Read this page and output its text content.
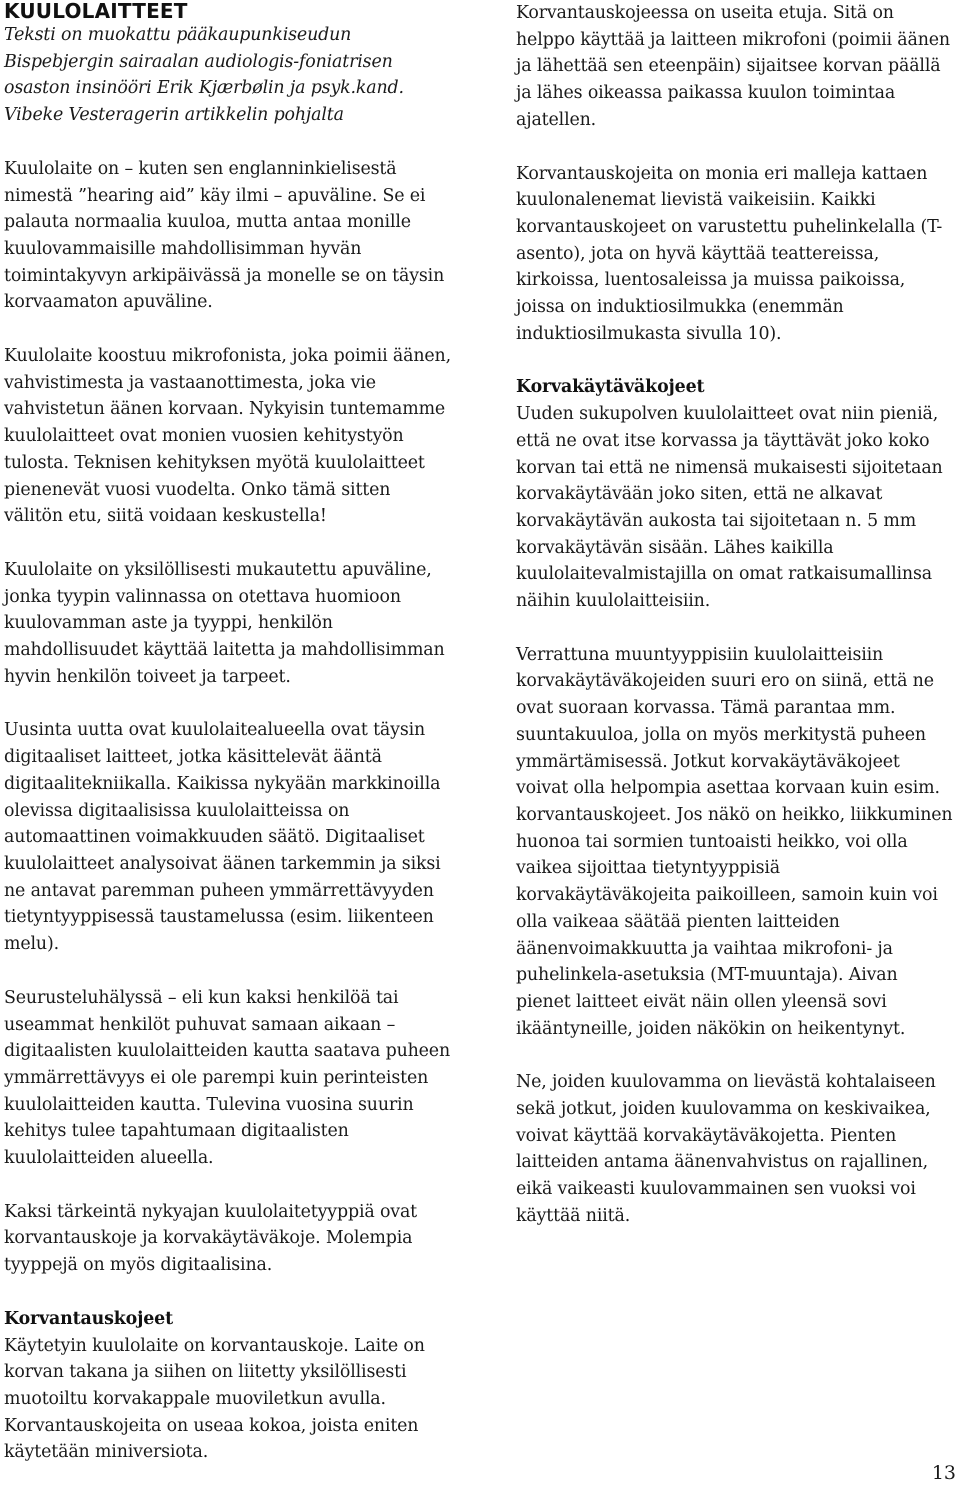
KUULOLAITTEET

Teksti on muokattu pääkaupunkiseudun Bispebjergin sairaalan audiologis-foniatrisen osaston insinööri Erik Kjærbølin ja psyk.kand. Vibeke Vesteragerin artikkelin pohjalta

Kuulolaite on – kuten sen englanninkielisestä nimestä ”hearing aid” käy ilmi – apuväline. Se ei palauta normaalia kuuloa, mutta antaa monille kuulovammaisille mahdollisimman hyvän toimintakyvyn arkipäivässä ja monelle se on täysin korvaamaton apuväline.

Kuulolaite koostuu mikrofonista, joka poimii äänen, vahvistimesta ja vastaanottimesta, joka vie vahvistetun äänen korvaan. Nykyisin tuntemamme kuulolaitteet ovat monien vuosien kehitystyön tulosta. Teknisen kehityksen myötä kuulolaitteet pienenevät vuosi vuodelta. Onko tämä sitten välitön etu, siitä voidaan keskustella!

Kuulolaite on yksilöllisesti mukautettu apuväline, jonka tyypin valinnassa on otettava huomioon kuulovamman aste ja tyyppi, henkilön mahdollisuudet käyttää laitetta ja mahdollisimman hyvin henkilön toiveet ja tarpeet.

Uusinta uutta ovat kuulolaitealueella ovat täysin digitaaliset laitteet, jotka käsittelevät ääntä digitaalitekniikalla. Kaikissa nykyään markkinoilla olevissa digitaalisissa kuulolaitteissa on automaattinen voimakkuuden säätö. Digitaaliset kuulolaitteet analysoivat äänen tarkemmin ja siksi ne antavat paremman puheen ymmärrettävyyden tietyntyyppisessä taustamelussa (esim. liikenteen melu).

Seurusteluhälyssä – eli kun kaksi henkilöä tai useammat henkilöt puhuvat samaan aikaan – digitaalisten kuulolaitteiden kautta saatava puheen ymmärrettävyys ei ole parempi kuin perinteisten kuulolaitteiden kautta. Tulevina vuosina suurin kehitys tulee tapahtumaan digitaalisten kuulolaitteiden alueella.

Kaksi tärkeintä nykyajan kuulolaitetyyppiä ovat korvantauskoje ja korvakäytäväkoje. Molempia tyyppejä on myös digitaalisina.

Korvantauskojeet
Käytetyin kuulolaite on korvantauskoje. Laite on korvan takana ja siihen on liitetty yksilöllisesti muotoiltu korvakappale muoviletkun avulla. Korvantauskojeita on useaa kokoa, joista eniten käytetään miniversiota.

Korvantauskojeessa on useita etuja. Sitä on helppo käyttää ja laitteen mikrofoni (poimii äänen ja lähettää sen eteenpäin) sijaitsee korvan päällä ja lähes oikeassa paikassa kuulon toimintaa ajatellen.

Korvantauskojeita on monia eri malleja kattaen kuulonalenemat lievistä vaikeisiin. Kaikki korvantauskojeet on varustettu puhelinkelalla (T-asento), jota on hyvä käyttää teattereissa, kirkoissa, luentosaleissa ja muissa paikoissa, joissa on induktiosilmukka (enemmän induktiosilmukasta sivulla 10).

Korvakäytäväkojeet
Uuden sukupolven kuulolaitteet ovat niin pieniä, että ne ovat itse korvassa ja täyttävät joko koko korvan tai että ne nimensä mukaisesti sijoitetaan korvakäytävään joko siten, että ne alkavat korvakäytävän aukosta tai sijoitetaan n. 5 mm korvakäytävän sisään. Lähes kaikilla kuulolaitevalmistajilla on omat ratkaisumallinsa näihin kuulolaitteisiin.

Verrattuna muuntyyppisiin kuulolaitteisiin korvakäytäväkojeiden suuri ero on siinä, että ne ovat suoraan korvassa. Tämä parantaa mm. suuntakuuloa, jolla on myös merkitystä puheen ymmärtämisessä. Jotkut korvakäytäväkojeet voivat olla helpompia asettaa korvaan kuin esim. korvantauskojeet. Jos näkö on heikko, liikkuminen huonoa tai sormien tuntoaisti heikko, voi olla vaikea sijoittaa tietyntyyppisiä korvakäytäväkojeita paikoilleen, samoin kuin voi olla vaikeaa säätää pienten laitteiden äänenvoimakkuutta ja vaihtaa mikrofoni- ja puhelinkela-asetuksia (MT-muuntaja). Aivan pienet laitteet eivät näin ollen yleensä sovi ikääntyneille, joiden näkökin on heikentynyt.

Ne, joiden kuulovamma on lievästä kohtalaiseen sekä jotkut, joiden kuulovamma on keskivaikea, voivat käyttää korvakäytäväkojetta. Pienten laitteiden antama äänenvahvistus on rajallinen, eikä vaikeasti kuulovammainen sen vuoksi voi käyttää niitä.

13
